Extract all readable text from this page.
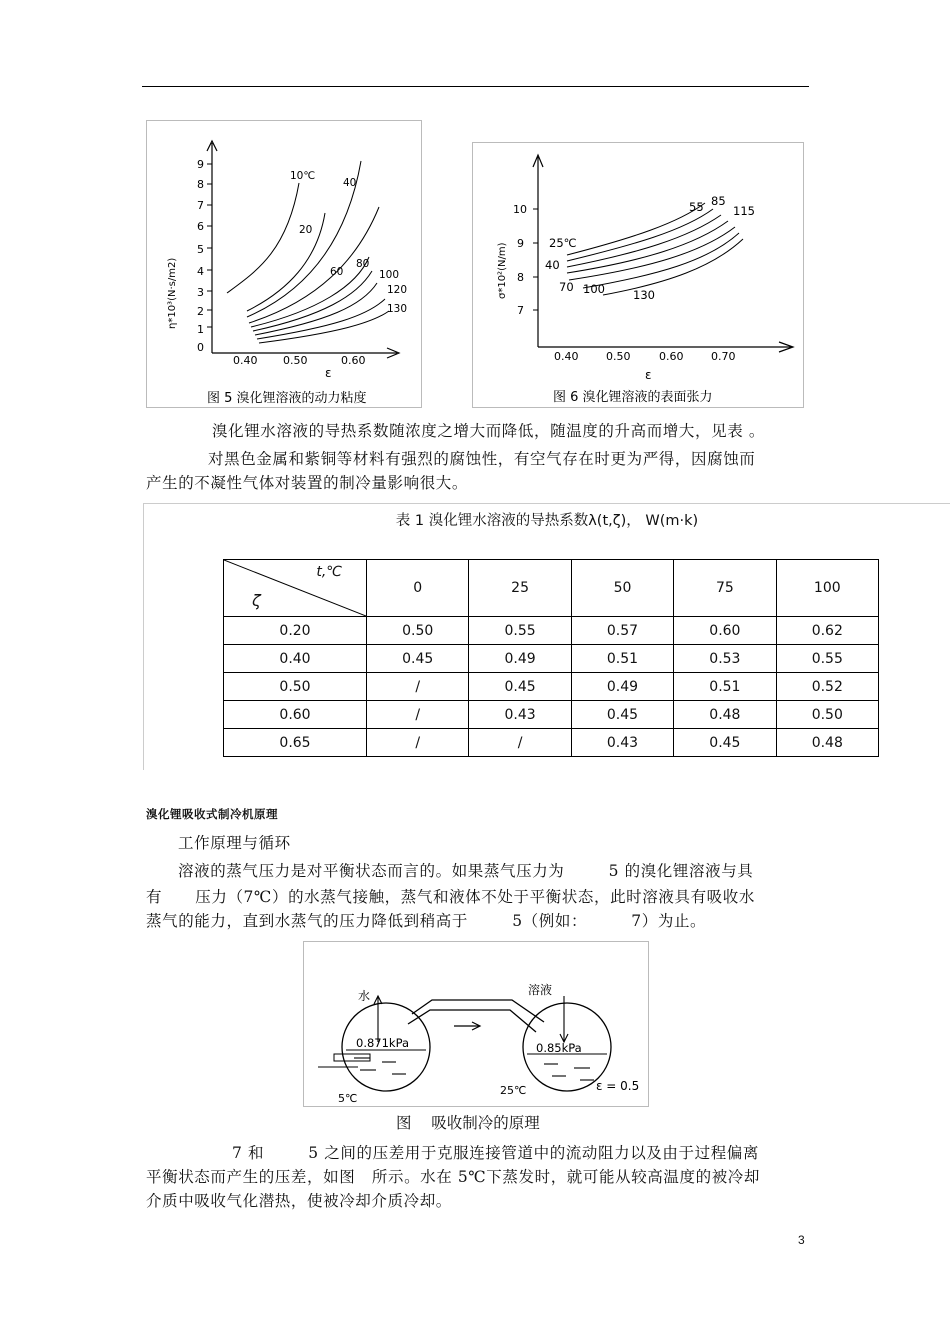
0
1
2
3
4
5
6
7
8
9
η*10³(N·s/m2)
0.40 0.50	0.60
ε
10℃
40
20
60
80
100
120
130
图 5 溴化锂溶液的动力粘度
7
8
9
10
σ*10²(N/m)
0.40	0.50	0.60	0.70
ε
25℃
40
70 100 130
55 85
115
图 6 溴化锂溶液的表面张力
溴化锂水溶液的导热系数随浓度之增大而降低，随温度的升高而增大，见表 。
对黑色金属和紫铜等材料有强烈的腐蚀性，有空气存在时更为严得，因腐蚀而
产生的不凝性气体对装置的制冷量影响很大。
表 1 溴化锂水溶液的导热系数λ(t,ζ)， W(m·k)
t,℃
ζ	0	25	50	75	100
0.20	0.50	0.55	0.57	0.60	0.62
0.40	0.45	0.49	0.51	0.53	0.55
0.50	/	0.45	0.49	0.51	0.52
0.60	/	0.43	0.45	0.48	0.50
0.65	/	/	0.43	0.45	0.48
溴化锂吸收式制冷机原理
工作原理与循环
溶液的蒸气压力是对平衡状态而言的。如果蒸气压力为        5 的溴化锂溶液与具
有      压力（7℃）的水蒸气接触，蒸气和液体不处于平衡状态，此时溶液具有吸收水
蒸气的能力，直到水蒸气的压力降低到稍高于        5（例如：        7）为止。
水	溶液
0.871kPa	0.85kPa
5℃
25℃	ε = 0.5
图    吸收制冷的原理
7 和        5 之间的压差用于克服连接管道中的流动阻力以及由于过程偏离
平衡状态而产生的压差，如图   所示。水在 5℃下蒸发时，就可能从较高温度的被冷却
介质中吸收气化潜热，使被冷却介质冷却。
3
